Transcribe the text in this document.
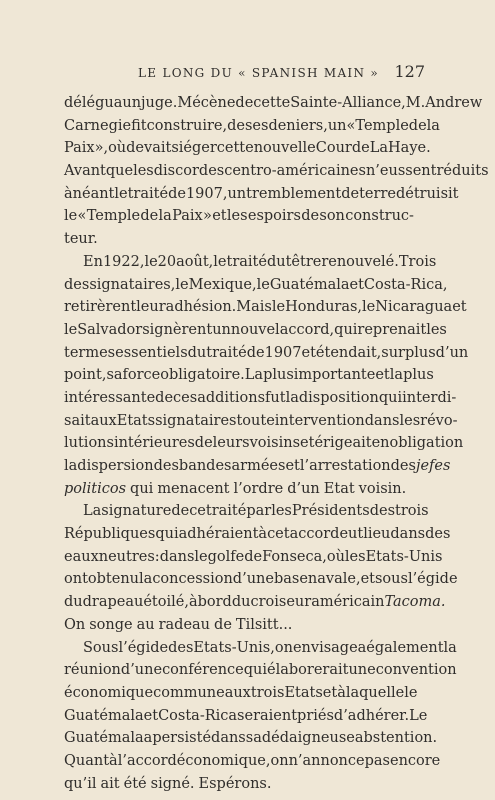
LE LONG DU « SPANISH MAIN » 127
délégua un juge. Mécène de cette Sainte-Alliance, M. Andrew
Carnegie fit construire, de ses deniers, un « Temple de la
Paix », où devait siéger cette nouvelle Cour de La Haye.
Avant que les discordes centro-américaines n’eussent réduits
à néant le traité de 1907, un tremblement de terre détruisit
le « Temple de la Paix » et les espoirs de son construc-
teur.
En 1922, le 20 août, le traité dut être renouvelé. Trois
des signataires, le Mexique, le Guatémala et Costa-Rica,
retirèrent leur adhésion. Mais le Honduras, le Nicaragua et
le Salvador signèrent un nouvel accord, qui reprenait les
termes essentiels du traité de 1907 et étendait, sur plus d’un
point, sa force obligatoire. La plus importante et la plus
intéressante de ces additions fut la disposition qui interdi-
sait aux Etats signataires toute intervention dans les révo-
lutions intérieures de leurs voisins et érigeait en obligation
la dispersion des bandes armées et l’arrestation des jefes
politicos qui menacent l’ordre d’un Etat voisin.
La signature de ce traité par les Présidents des trois
Républiques qui adhéraient à cet accord eut lieu dans des
eaux neutres : dans le golfe de Fonseca, où les Etats-Unis
ont obtenu la concession d’une base navale, et sous l’égide
du drapeau étoilé, à bord du croiseur américain Tacoma.
On songe au radeau de Tilsitt...
Sous l’égide des Etats-Unis, on envisagea également la
réunion d’une conférence qui élaborerait une convention
économique commune aux trois Etats et à laquelle le
Guatémala et Costa-Rica seraient priés d’adhérer. Le
Guatémala a persisté dans sa dédaigneuse abstention.
Quant à l’accord économique, on n’annonce pas encore
qu’il ait été signé. Espérons.
